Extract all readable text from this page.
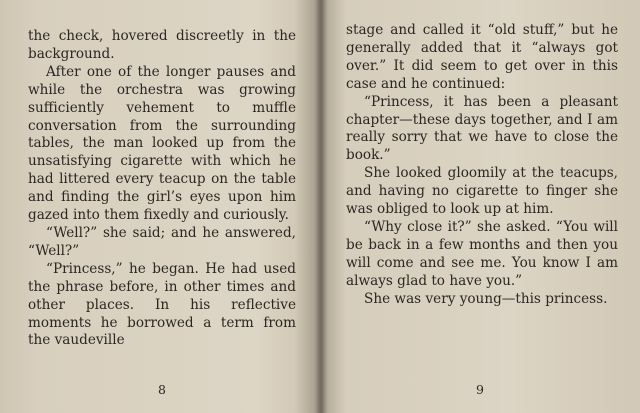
the check, hovered discreetly in the background.

After one of the longer pauses and while the orchestra was growing sufficiently vehement to muffle conversation from the surrounding tables, the man looked up from the unsatisfying cigarette with which he had littered every teacup on the table and finding the girl’s eyes upon him gazed into them fixedly and curiously.

“Well?” she said; and he answered, “Well?”

“Princess,” he began. He had used the phrase before, in other times and other places. In his reflective moments he borrowed a term from the vaudeville

8

stage and called it “old stuff,” but he generally added that it “always got over.” It did seem to get over in this case and he continued:

“Princess, it has been a pleasant chapter—these days together, and I am really sorry that we have to close the book.”

She looked gloomily at the teacups, and having no cigarette to finger she was obliged to look up at him.

“Why close it?” she asked. “You will be back in a few months and then you will come and see me. You know I am always glad to have you.”

She was very young—this princess.

9
